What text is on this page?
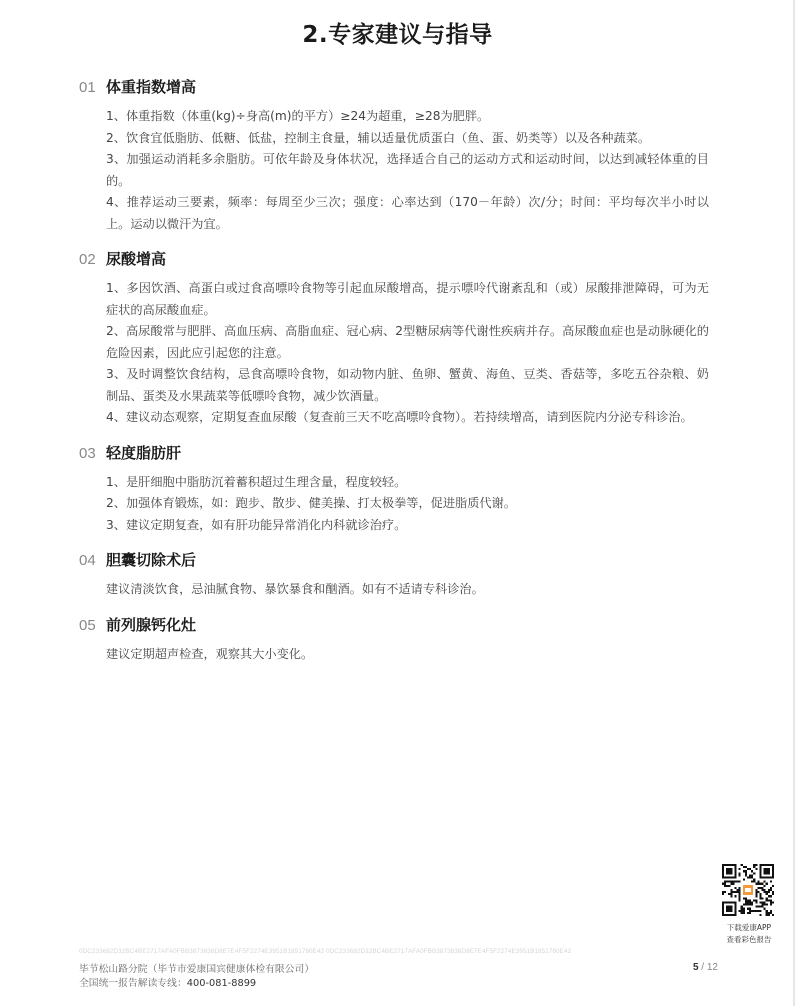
2.专家建议与指导
01 体重指数增高

1、体重指数（体重(kg)÷身高(m)的平方）≥24为超重，≥28为肥胖。

2、饮食宜低脂肪、低糖、低盐，控制主食量，辅以适量优质蛋白（鱼、蛋、奶类等）以及各种蔬菜。

3、加强运动消耗多余脂肪。可依年龄及身体状况，选择适合自己的运动方式和运动时间，以达到减轻体重的目的。

4、推荐运动三要素，频率：每周至少三次；强度：心率达到（170－年龄）次/分；时间：平均每次半小时以上。运动以微汗为宜。

02 尿酸增高

1、多因饮酒、高蛋白或过食高嘌呤食物等引起血尿酸增高，提示嘌呤代谢紊乱和（或）尿酸排泄障碍，可为无症状的高尿酸血症。

2、高尿酸常与肥胖、高血压病、高脂血症、冠心病、2型糖尿病等代谢性疾病并存。高尿酸血症也是动脉硬化的危险因素，因此应引起您的注意。

3、及时调整饮食结构，忌食高嘌呤食物，如动物内脏、鱼卵、蟹黄、海鱼、豆类、香菇等，多吃五谷杂粮、奶制品、蛋类及水果蔬菜等低嘌呤食物，减少饮酒量。

4、建议动态观察，定期复查血尿酸（复查前三天不吃高嘌呤食物）。若持续增高，请到医院内分泌专科诊治。

03 轻度脂肪肝

1、是肝细胞中脂肪沉着蓄积超过生理含量，程度较轻。

2、加强体育锻炼，如：跑步、散步、健美操、打太极拳等，促进脂质代谢。

3、建议定期复查，如有肝功能异常消化内科就诊治疗。

04 胆囊切除术后

建议清淡饮食，忌油腻食物、暴饮暴食和酗酒。如有不适请专科诊治。

05 前列腺钙化灶

建议定期超声检查，观察其大小变化。

下载爱康APP
查看彩色报告
0DC233682D32BC4BE2717AFA0FBB3873838D8E7E4F5F2274E3951B1851760E42 0DC233682D32BC4BE2717AFA0FBB3873838D8E7E4F5F2274E3951B1851760E42
毕节松山路分院（毕节市爱康国宾健康体检有限公司）
全国统一报告解读专线：400-081-8899
5 / 12
